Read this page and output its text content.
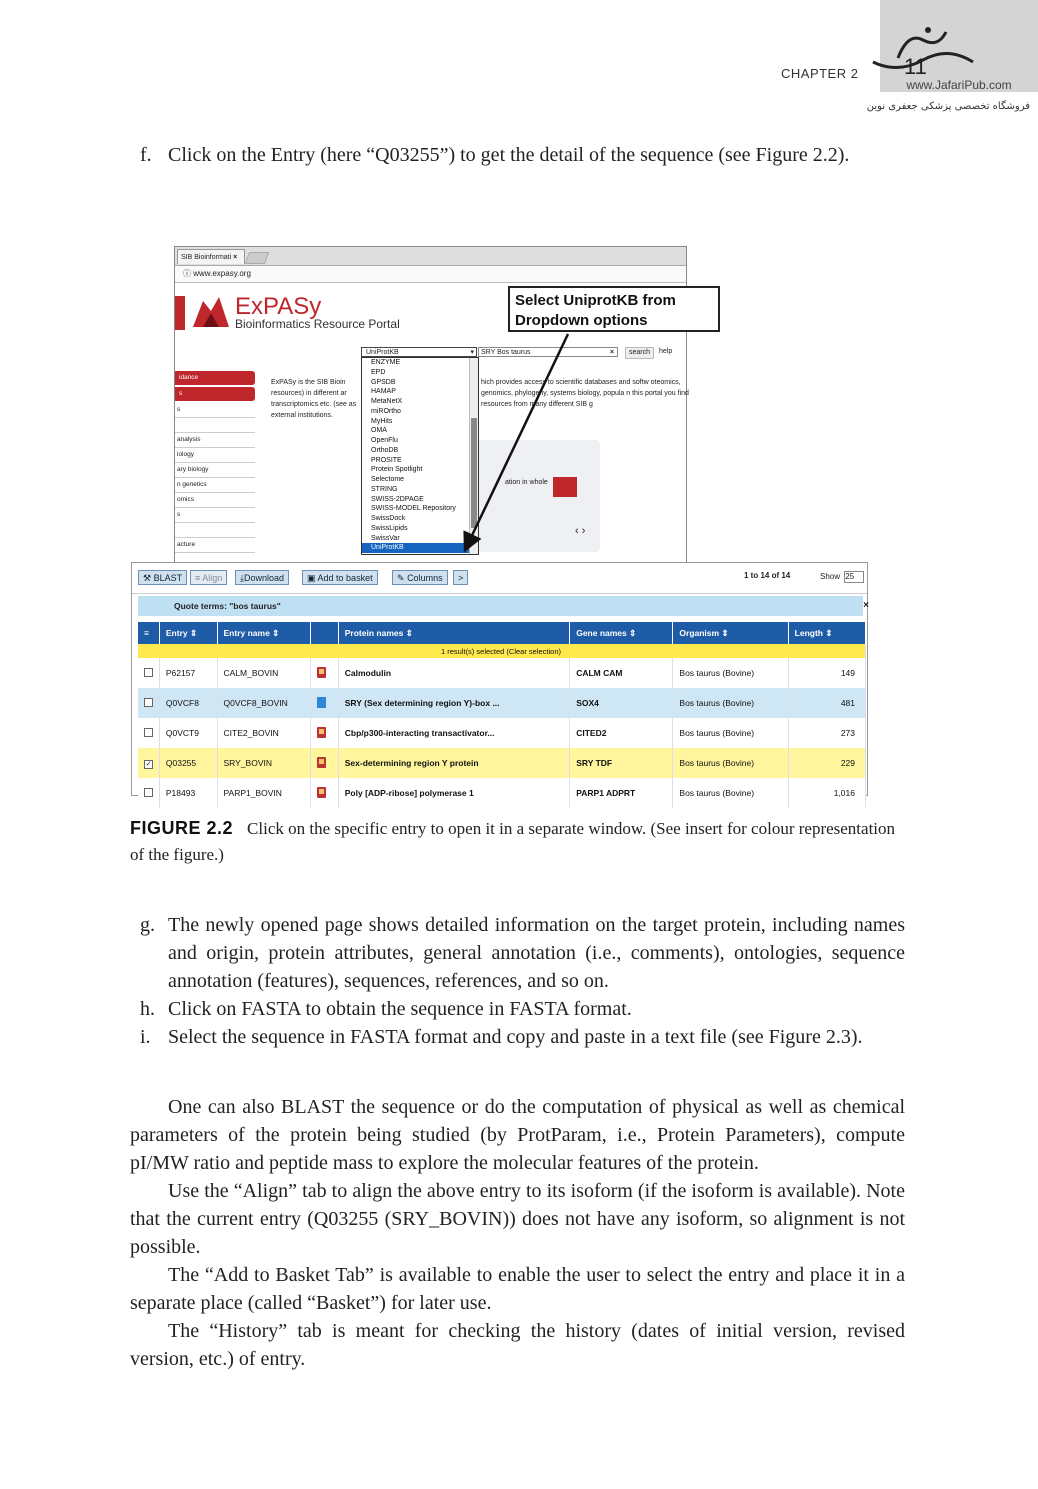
CHAPTER 2 11
www.JafariPub.com
فروشگاه تخصصی پزشکی جعفری نوین
f. Click on the Entry (here “Q03255”) to get the detail of the sequence (see Figure 2.2).
SIB Bioinformati ×
ⓘ www.expasy.org
ExPASy
Bioinformatics Resource Portal
UniProtKB	▾	SRY Bos taurus	×	search	help
idance
s
s
analysis
iology
ary biology
n genetics
omics
s
acture
ExPASy is the SIB Bioin resources) in different ar transcriptomics etc. (see as external institutions.
hich provides access to scientific databases and softw oteomics, genomics, phylogeny, systems biology, popula n this portal you find resources from many different SIB g
ation in whole
‹ ›
ENZYME
EPD
GPSDB
HAMAP
MetaNetX
miROrtho
MyHits
OMA
OpenFlu
OrthoDB
PROSITE
Protein Spotlight
Selectome
STRING
SWISS-2DPAGE
SWISS-MODEL Repository
SwissDock
SwissLipids
SwissVar
UniProtKB
Select UniprotKB from
Dropdown options
⚒ BLAST	≡ Align	⤓Download	▣ Add to basket	✎ Columns	>	1 to 14 of 14	Show 25
Quote terms: "bos taurus"	×
≡	Entry ⇕	Entry name ⇕		Protein names ⇕	Gene names ⇕	Organism ⇕	Length ⇕
1 result(s) selected (Clear selection)							
	P62157	CALM_BOVIN		Calmodulin	CALM CAM	Bos taurus (Bovine)	149
	Q0VCF8	Q0VCF8_BOVIN		SRY (Sex determining region Y)-box ...	SOX4	Bos taurus (Bovine)	481
	Q0VCT9	CITE2_BOVIN		Cbp/p300-interacting transactivator...	CITED2	Bos taurus (Bovine)	273
✓	Q03255	SRY_BOVIN		Sex-determining region Y protein	SRY TDF	Bos taurus (Bovine)	229
	P18493	PARP1_BOVIN		Poly [ADP-ribose] polymerase 1	PARP1 ADPRT	Bos taurus (Bovine)	1,016
FIGURE 2.2 Click on the specific entry to open it in a separate window. (See insert for colour representation of the figure.)
g. The newly opened page shows detailed information on the target protein, including names and origin, protein attributes, general annotation (i.e., comments), ontologies, sequence annotation (features), sequences, references, and so on.
h. Click on FASTA to obtain the sequence in FASTA format.
i. Select the sequence in FASTA format and copy and paste in a text file (see Figure 2.3).
One can also BLAST the sequence or do the computation of physical as well as chemical parameters of the protein being studied (by ProtParam, i.e., Protein Parameters), compute pI/MW ratio and peptide mass to explore the molecular features of the protein.
Use the “Align” tab to align the above entry to its isoform (if the isoform is available). Note that the current entry (Q03255 (SRY_BOVIN)) does not have any isoform, so alignment is not possible.
The “Add to Basket Tab” is available to enable the user to select the entry and place it in a separate place (called “Basket”) for later use.
The “History” tab is meant for checking the history (dates of initial version, revised version, etc.) of entry.
